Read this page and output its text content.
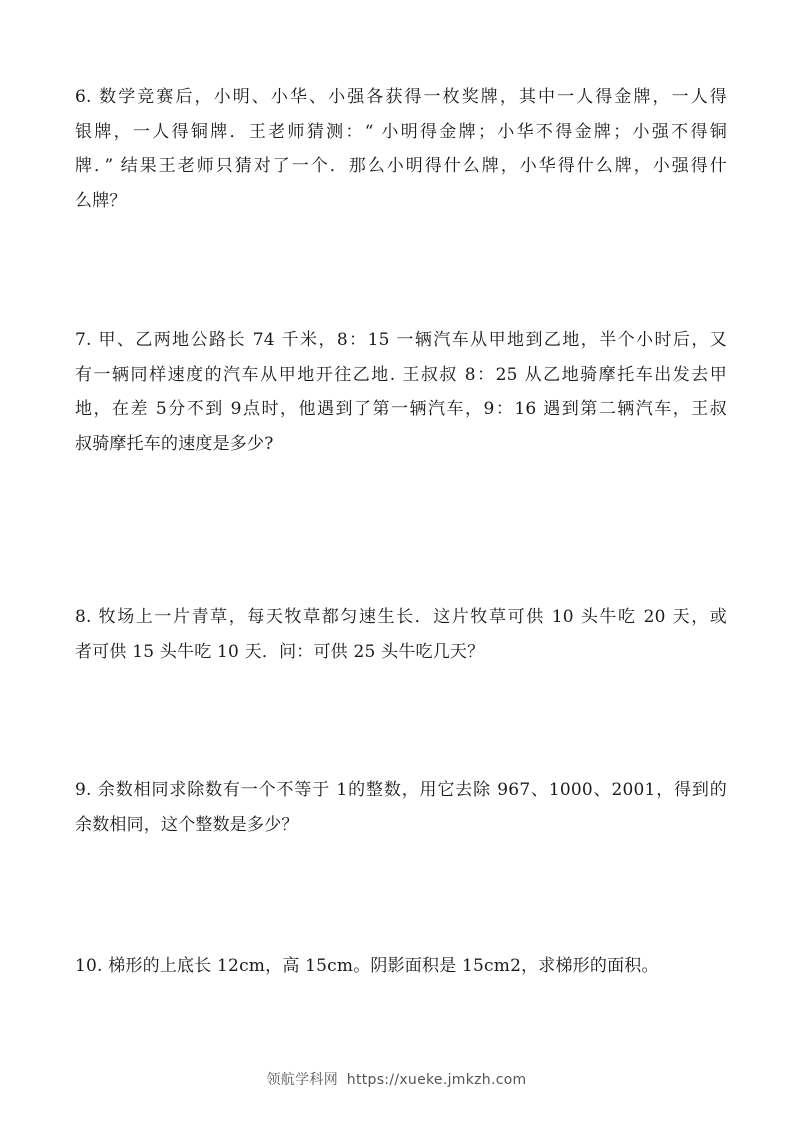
6. 数学竞赛后，小明、小华、小强各获得一枚奖牌，其中一人得金牌，一人得
银牌，一人得铜牌．王老师猜测：“ 小明得金牌；小华不得金牌；小强不得铜
牌．” 结果王老师只猜对了一个．那么小明得什么牌，小华得什么牌，小强得什
么牌？
7. 甲、乙两地公路长 74 千米，8：15 一辆汽车从甲地到乙地，半个小时后，又
有一辆同样速度的汽车从甲地开往乙地. 王叔叔 8：25 从乙地骑摩托车出发去甲
地，在差 5分不到 9点时，他遇到了第一辆汽车，9：16 遇到第二辆汽车，王叔
叔骑摩托车的速度是多少?
8. 牧场上一片青草，每天牧草都匀速生长．这片牧草可供 10 头牛吃 20 天，或
者可供 15 头牛吃 10 天．问：可供 25 头牛吃几天？
9. 余数相同求除数有一个不等于 1的整数，用它去除 967、1000、2001，得到的
余数相同，这个整数是多少？
10. 梯形的上底长 12cm，高 15cm。阴影面积是 15cm2，求梯形的面积。
领航学科网 https://xueke.jmkzh.com
